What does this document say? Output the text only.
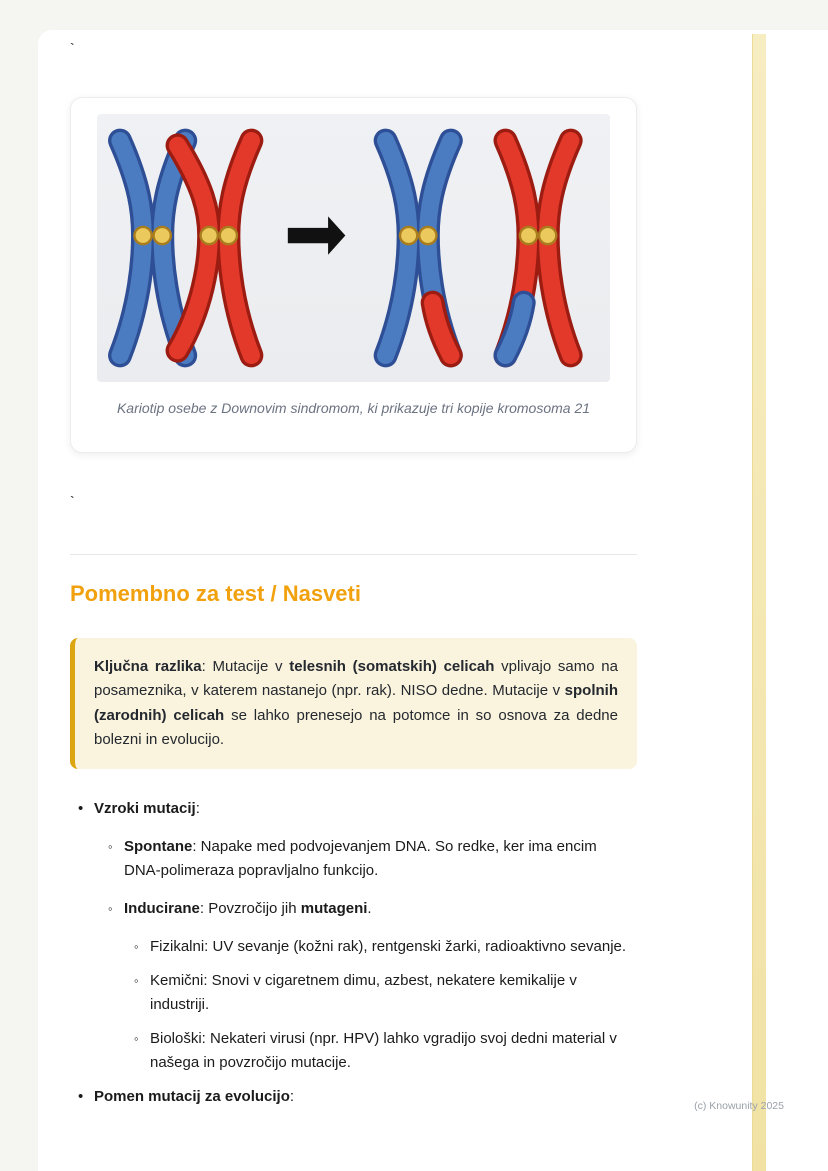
`
Kariotip osebe z Downovim sindromom, ki prikazuje tri kopije kromosoma 21
`
Pomembno za test / Nasveti

Ključna razlika: Mutacije v telesnih (somatskih) celicah vplivajo samo na posameznika, v katerem nastanejo (npr. rak). NISO dedne. Mutacije v spolnih (zarodnih) celicah se lahko prenesejo na potomce in so osnova za dedne bolezni in evolucijo.

• Vzroki mutacij:
◦ Spontane: Napake med podvojevanjem DNA. So redke, ker ima encim DNA-polimeraza popravljalno funkcijo.
◦ Inducirane: Povzročijo jih mutageni.
◦ Fizikalni: UV sevanje (kožni rak), rentgenski žarki, radioaktivno sevanje.
◦ Kemični: Snovi v cigaretnem dimu, azbest, nekatere kemikalije v industriji.
◦ Biološki: Nekateri virusi (npr. HPV) lahko vgradijo svoj dedni material v našega in povzročijo mutacije.
• Pomen mutacij za evolucijo:
(c) Knowunity 2025
